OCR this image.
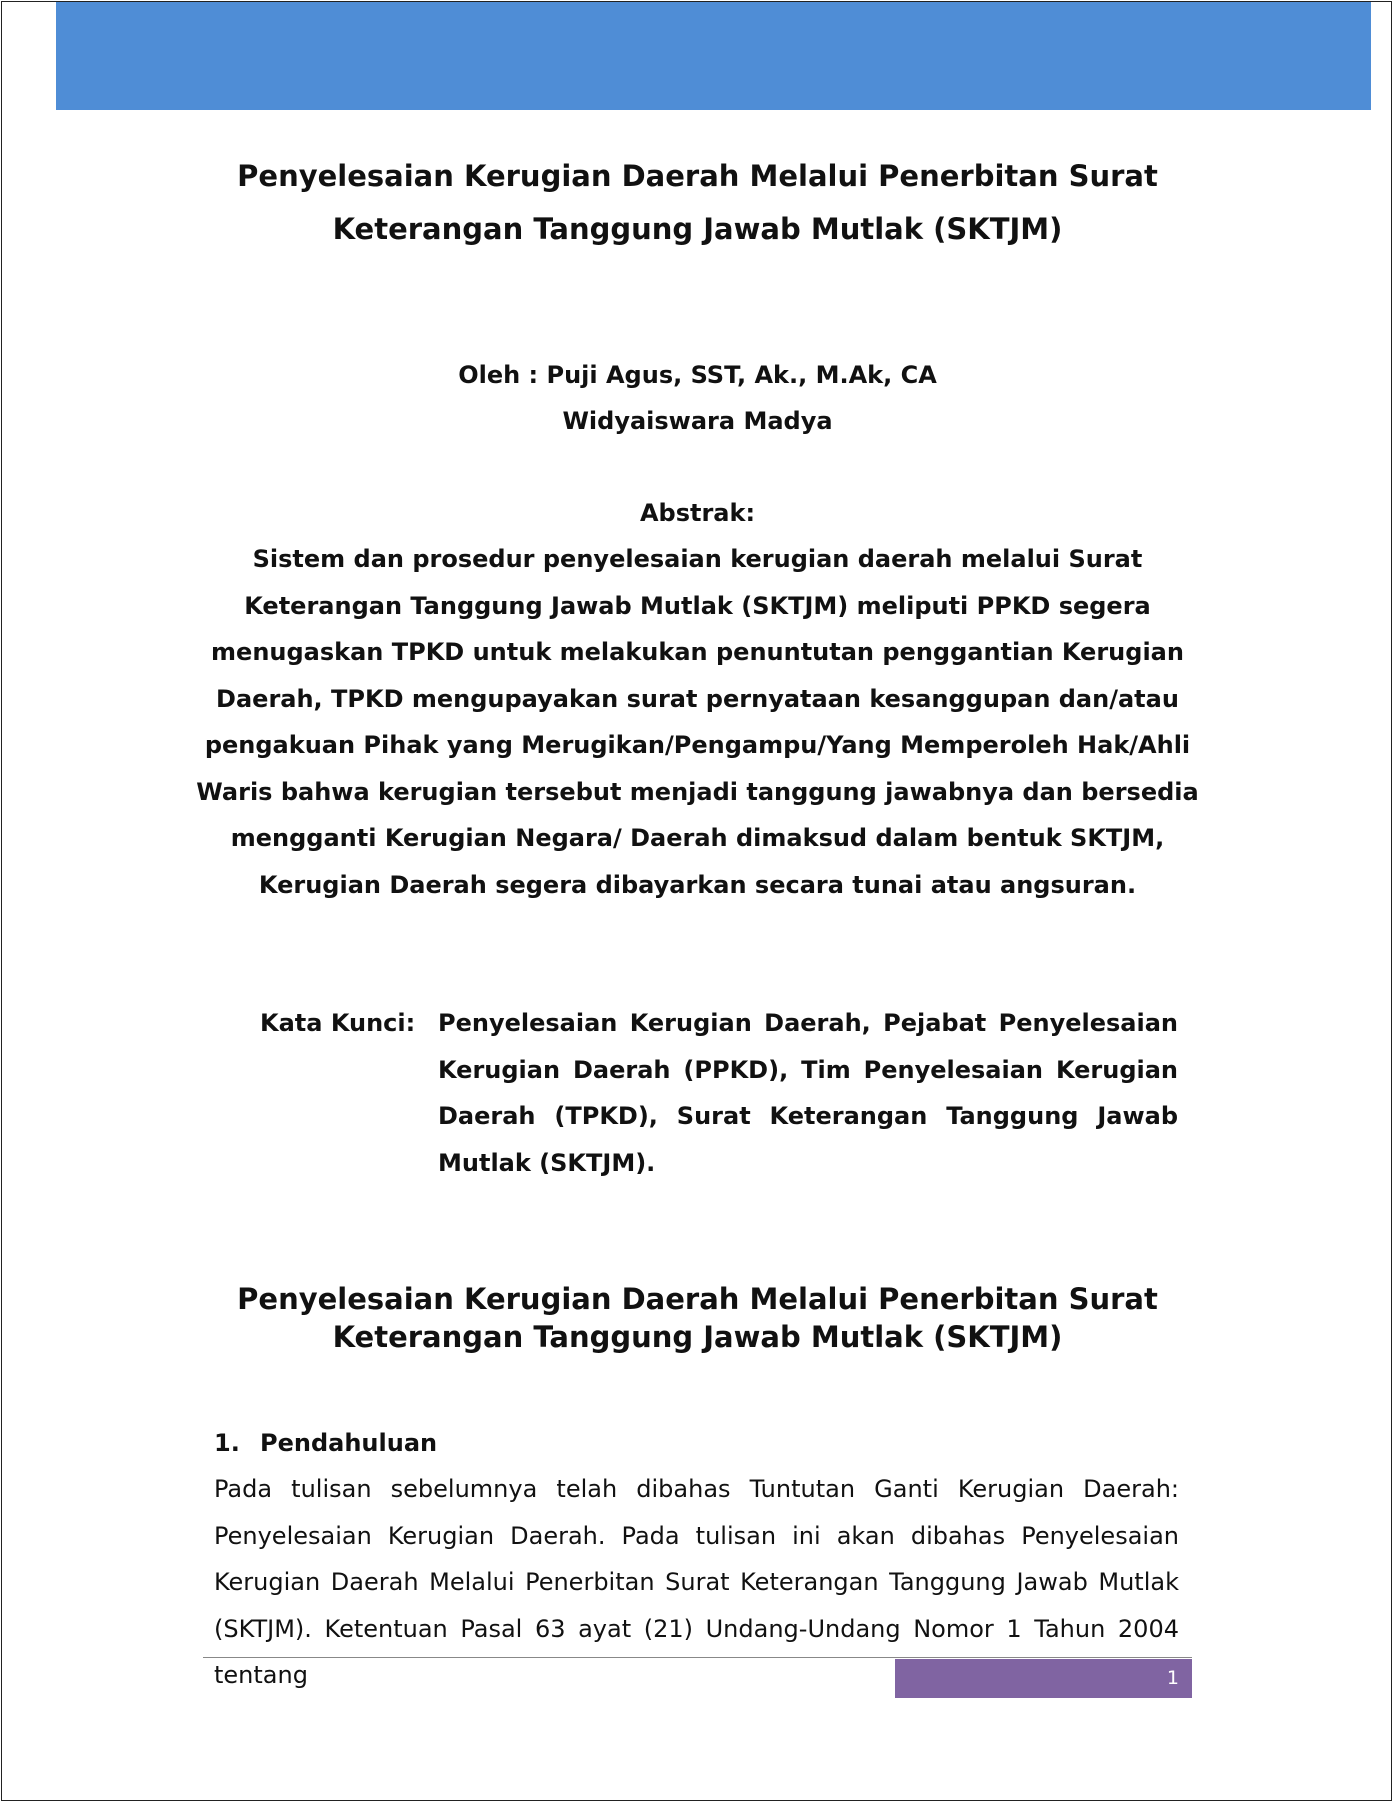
Penyelesaian Kerugian Daerah Melalui Penerbitan Surat Keterangan Tanggung Jawab Mutlak (SKTJM)
Oleh : Puji Agus, SST, Ak., M.Ak, CA
Widyaiswara Madya
Abstrak:
Sistem dan prosedur penyelesaian kerugian daerah melalui Surat Keterangan Tanggung Jawab Mutlak (SKTJM) meliputi PPKD segera menugaskan TPKD untuk melakukan penuntutan penggantian Kerugian Daerah, TPKD mengupayakan surat pernyataan kesanggupan dan/atau pengakuan Pihak yang Merugikan/Pengampu/Yang Memperoleh Hak/Ahli Waris bahwa kerugian tersebut menjadi tanggung jawabnya dan bersedia mengganti Kerugian Negara/ Daerah dimaksud dalam bentuk SKTJM, Kerugian Daerah segera dibayarkan secara tunai atau angsuran.
Kata Kunci: Penyelesaian Kerugian Daerah, Pejabat Penyelesaian Kerugian Daerah (PPKD), Tim Penyelesaian Kerugian Daerah (TPKD), Surat Keterangan Tanggung Jawab Mutlak (SKTJM).
Penyelesaian Kerugian Daerah Melalui Penerbitan Surat Keterangan Tanggung Jawab Mutlak (SKTJM)
1. Pendahuluan
Pada tulisan sebelumnya telah dibahas Tuntutan Ganti Kerugian Daerah: Penyelesaian Kerugian Daerah. Pada tulisan ini akan dibahas Penyelesaian Kerugian Daerah Melalui Penerbitan Surat Keterangan Tanggung Jawab Mutlak (SKTJM). Ketentuan Pasal 63 ayat (21) Undang-Undang Nomor 1 Tahun 2004 tentang	1
